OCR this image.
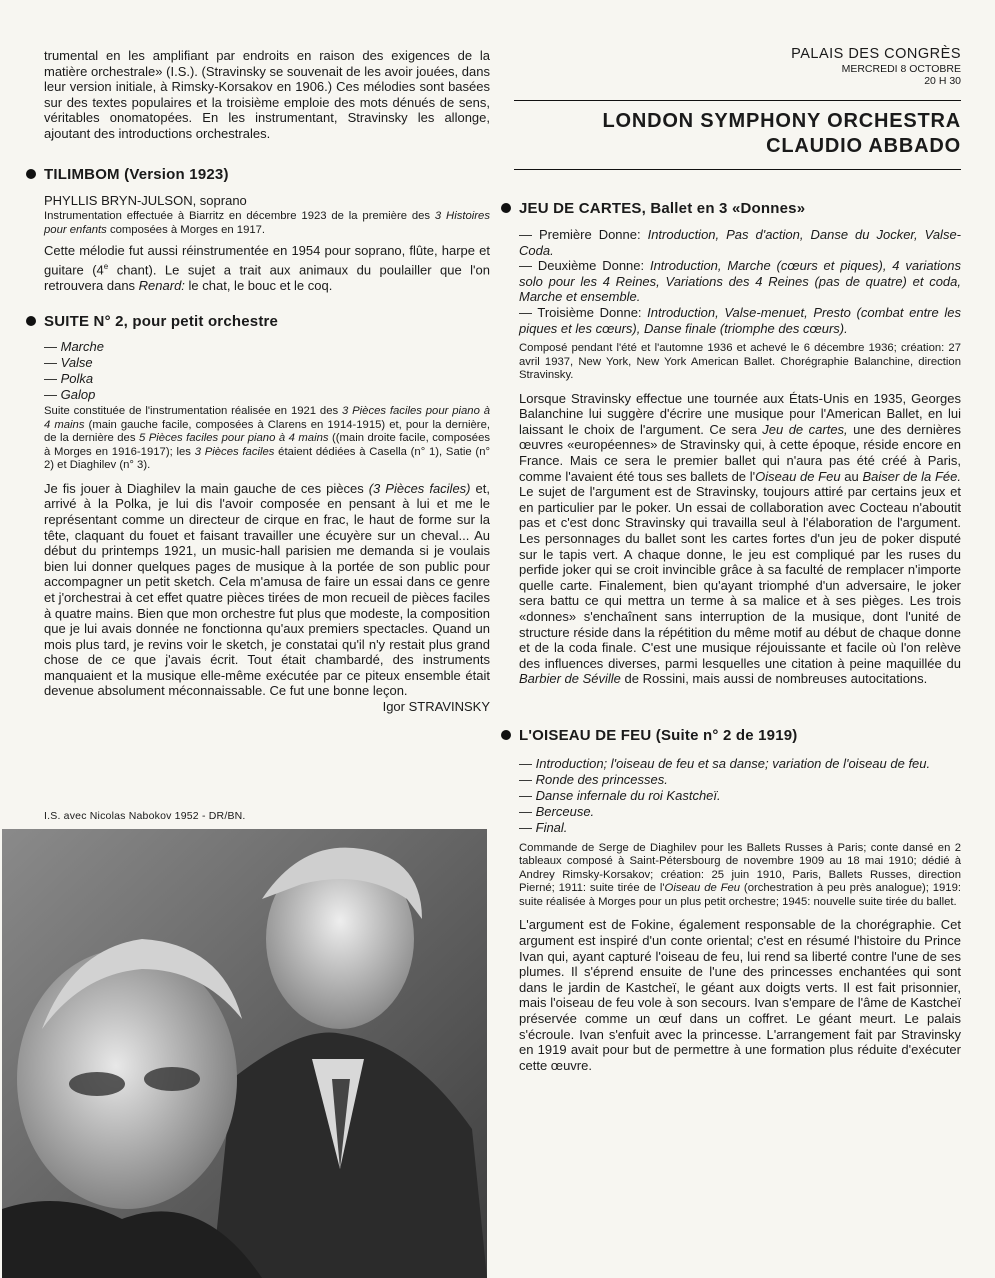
trumental en les amplifiant par endroits en raison des exigences de la matière orchestrale» (I.S.). (Stravinsky se souvenait de les avoir jouées, dans leur version initiale, à Rimsky-Korsakov en 1906.) Ces mélodies sont basées sur des textes populaires et la troisième emploie des mots dénués de sens, véritables onomatopées. En les instrumentant, Stravinsky les allonge, ajoutant des introductions orchestrales.

TILIMBOM (Version 1923)

PHYLLIS BRYN-JULSON, soprano

Instrumentation effectuée à Biarritz en décembre 1923 de la première des 3 Histoires pour enfants composées à Morges en 1917.

Cette mélodie fut aussi réinstrumentée en 1954 pour soprano, flûte, harpe et guitare (4e chant). Le sujet a trait aux animaux du poulailler que l'on retrouvera dans Renard: le chat, le bouc et le coq.

SUITE N° 2, pour petit orchestre
— Marche
— Valse
— Polka
— Galop

Suite constituée de l'instrumentation réalisée en 1921 des 3 Pièces faciles pour piano à 4 mains (main gauche facile, composées à Clarens en 1914-1915) et, pour la dernière, de la dernière des 5 Pièces faciles pour piano à 4 mains ((main droite facile, composées à Morges en 1916-1917); les 3 Pièces faciles étaient dédiées à Casella (n° 1), Satie (n° 2) et Diaghilev (n° 3).

Je fis jouer à Diaghilev la main gauche de ces pièces (3 Pièces faciles) et, arrivé à la Polka, je lui dis l'avoir composée en pensant à lui et me le représentant comme un directeur de cirque en frac, le haut de forme sur la tête, claquant du fouet et faisant travailler une écuyère sur un cheval... Au début du printemps 1921, un music-hall parisien me demanda si je voulais bien lui donner quelques pages de musique à la portée de son public pour accompagner un petit sketch. Cela m'amusa de faire un essai dans ce genre et j'orchestrai à cet effet quatre pièces tirées de mon recueil de pièces faciles à quatre mains. Bien que mon orchestre fut plus que modeste, la composition que je lui avais donnée ne fonctionna qu'aux premiers spectacles. Quand un mois plus tard, je revins voir le sketch, je constatai qu'il n'y restait plus grand chose de ce que j'avais écrit. Tout était chambardé, des instruments manquaient et la musique elle-même exécutée par ce piteux ensemble était devenue absolument méconnaissable. Ce fut une bonne leçon.

Igor STRAVINSKY

I.S. avec Nicolas Nabokov 1952 - DR/BN.
PALAIS DES CONGRÈS
MERCREDI 8 OCTOBRE
20 H 30
LONDON SYMPHONY ORCHESTRA
CLAUDIO ABBADO
JEU DE CARTES, Ballet en 3 «Donnes»

— Première Donne: Introduction, Pas d'action, Danse du Jocker, Valse-Coda.

— Deuxième Donne: Introduction, Marche (cœurs et piques), 4 variations solo pour les 4 Reines, Variations des 4 Reines (pas de quatre) et coda, Marche et ensemble.

— Troisième Donne: Introduction, Valse-menuet, Presto (combat entre les piques et les cœurs), Danse finale (triomphe des cœurs).

Composé pendant l'été et l'automne 1936 et achevé le 6 décembre 1936; création: 27 avril 1937, New York, New York American Ballet. Chorégraphie Balanchine, direction Stravinsky.

Lorsque Stravinsky effectue une tournée aux États-Unis en 1935, Georges Balanchine lui suggère d'écrire une musique pour l'American Ballet, en lui laissant le choix de l'argument. Ce sera Jeu de cartes, une des dernières œuvres «européennes» de Stravinsky qui, à cette époque, réside encore en France. Mais ce sera le premier ballet qui n'aura pas été créé à Paris, comme l'avaient été tous ses ballets de l'Oiseau de Feu au Baiser de la Fée. Le sujet de l'argument est de Stravinsky, toujours attiré par certains jeux et en particulier par le poker. Un essai de collaboration avec Cocteau n'aboutit pas et c'est donc Stravinsky qui travailla seul à l'élaboration de l'argument. Les personnages du ballet sont les cartes fortes d'un jeu de poker disputé sur le tapis vert. A chaque donne, le jeu est compliqué par les ruses du perfide joker qui se croit invincible grâce à sa faculté de remplacer n'importe quelle carte. Finalement, bien qu'ayant triomphé d'un adversaire, le joker sera battu ce qui mettra un terme à sa malice et à ses pièges. Les trois «donnes» s'enchaînent sans interruption de la musique, dont l'unité de structure réside dans la répétition du même motif au début de chaque donne et de la coda finale. C'est une musique réjouissante et facile où l'on relève des influences diverses, parmi lesquelles une citation à peine maquillée du Barbier de Séville de Rossini, mais aussi de nombreuses autocitations.

L'OISEAU DE FEU (Suite n° 2 de 1919)
— Introduction; l'oiseau de feu et sa danse; variation de l'oiseau de feu.
— Ronde des princesses.
— Danse infernale du roi Kastcheï.
— Berceuse.
— Final.

Commande de Serge de Diaghilev pour les Ballets Russes à Paris; conte dansé en 2 tableaux composé à Saint-Pétersbourg de novembre 1909 au 18 mai 1910; dédié à Andrey Rimsky-Korsakov; création: 25 juin 1910, Paris, Ballets Russes, direction Pierné; 1911: suite tirée de l'Oiseau de Feu (orchestration à peu près analogue); 1919: suite réalisée à Morges pour un plus petit orchestre; 1945: nouvelle suite tirée du ballet.

L'argument est de Fokine, également responsable de la chorégraphie. Cet argument est inspiré d'un conte oriental; c'est en résumé l'histoire du Prince Ivan qui, ayant capturé l'oiseau de feu, lui rend sa liberté contre l'une de ses plumes. Il s'éprend ensuite de l'une des princesses enchantées qui sont dans le jardin de Kastcheï, le géant aux doigts verts. Il est fait prisonnier, mais l'oiseau de feu vole à son secours. Ivan s'empare de l'âme de Kastcheï préservée comme un œuf dans un coffret. Le géant meurt. Le palais s'écroule. Ivan s'enfuit avec la princesse. L'arrangement fait par Stravinsky en 1919 avait pour but de permettre à une formation plus réduite d'exécuter cette œuvre.
